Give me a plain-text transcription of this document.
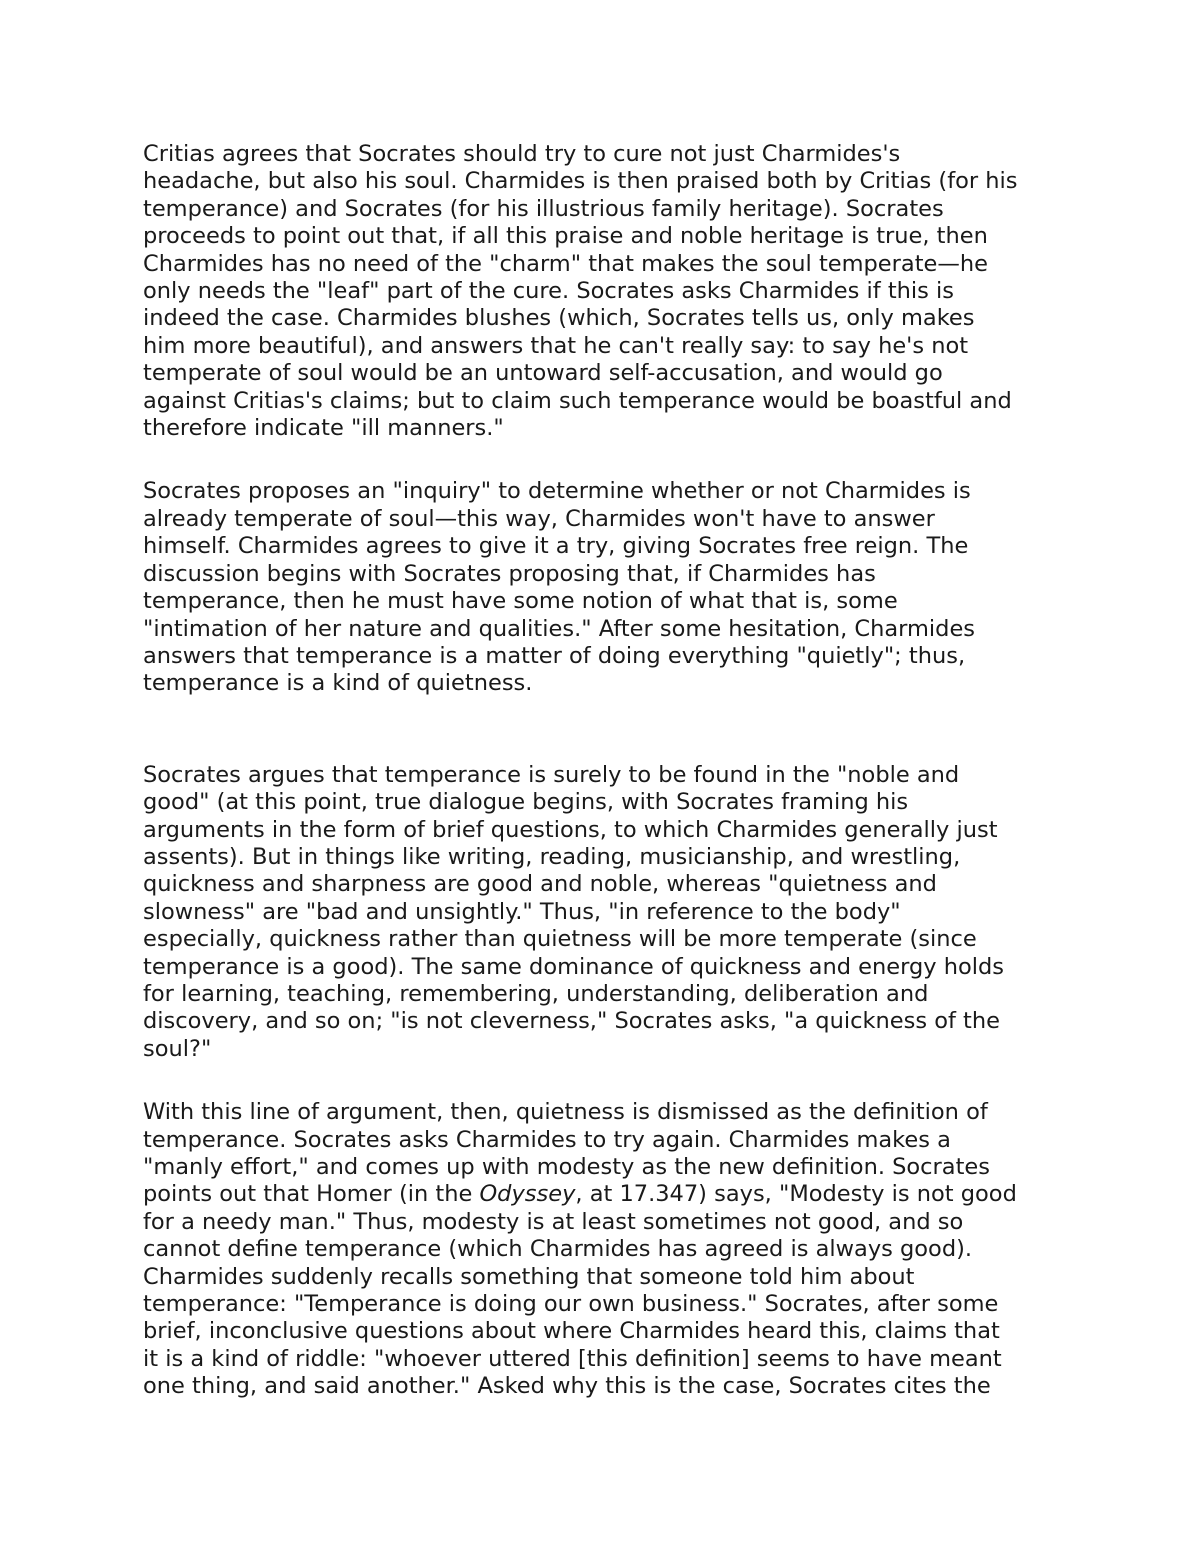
Critias agrees that Socrates should try to cure not just Charmides's
headache, but also his soul. Charmides is then praised both by Critias (for his
temperance) and Socrates (for his illustrious family heritage). Socrates
proceeds to point out that, if all this praise and noble heritage is true, then
Charmides has no need of the "charm" that makes the soul temperate—he
only needs the "leaf" part of the cure. Socrates asks Charmides if this is
indeed the case. Charmides blushes (which, Socrates tells us, only makes
him more beautiful), and answers that he can't really say: to say he's not
temperate of soul would be an untoward self-accusation, and would go
against Critias's claims; but to claim such temperance would be boastful and
therefore indicate "ill manners."

Socrates proposes an "inquiry" to determine whether or not Charmides is
already temperate of soul—this way, Charmides won't have to answer
himself. Charmides agrees to give it a try, giving Socrates free reign. The
discussion begins with Socrates proposing that, if Charmides has
temperance, then he must have some notion of what that is, some
"intimation of her nature and qualities." After some hesitation, Charmides
answers that temperance is a matter of doing everything "quietly"; thus,
temperance is a kind of quietness.

Socrates argues that temperance is surely to be found in the "noble and
good" (at this point, true dialogue begins, with Socrates framing his
arguments in the form of brief questions, to which Charmides generally just
assents). But in things like writing, reading, musicianship, and wrestling,
quickness and sharpness are good and noble, whereas "quietness and
slowness" are "bad and unsightly." Thus, "in reference to the body"
especially, quickness rather than quietness will be more temperate (since
temperance is a good). The same dominance of quickness and energy holds
for learning, teaching, remembering, understanding, deliberation and
discovery, and so on; "is not cleverness," Socrates asks, "a quickness of the
soul?"

With this line of argument, then, quietness is dismissed as the definition of
temperance. Socrates asks Charmides to try again. Charmides makes a
"manly effort," and comes up with modesty as the new definition. Socrates
points out that Homer (in the Odyssey, at 17.347) says, "Modesty is not good
for a needy man." Thus, modesty is at least sometimes not good, and so
cannot define temperance (which Charmides has agreed is always good).
Charmides suddenly recalls something that someone told him about
temperance: "Temperance is doing our own business." Socrates, after some
brief, inconclusive questions about where Charmides heard this, claims that
it is a kind of riddle: "whoever uttered [this definition] seems to have meant
one thing, and said another." Asked why this is the case, Socrates cites the
